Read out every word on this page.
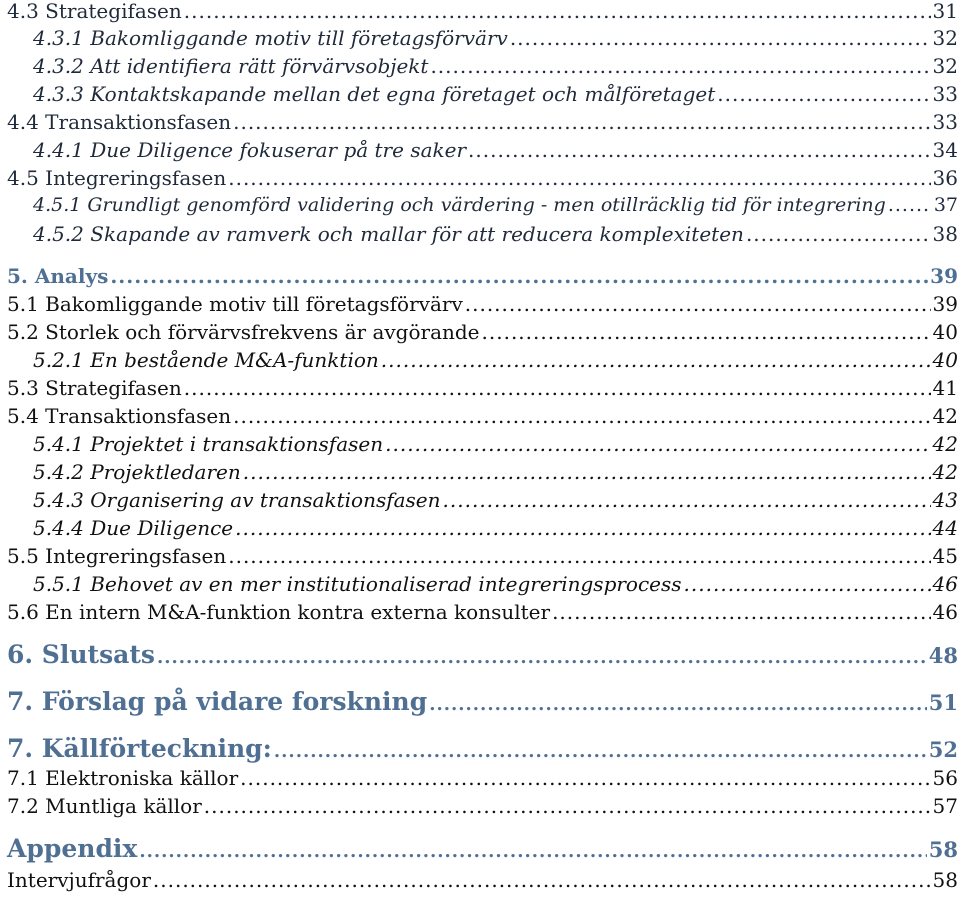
4.3 Strategifasen .....	31
4.3.1 Bakomliggande motiv till företagsförvärv .....	32
4.3.2 Att identifiera rätt förvärvsobjekt .....	32
4.3.3 Kontaktskapande mellan det egna företaget och målföretaget .....	33
4.4 Transaktionsfasen .....	33
4.4.1 Due Diligence fokuserar på tre saker .....	34
4.5 Integreringsfasen .....	36
4.5.1 Grundligt genomförd validering och värdering - men otillräcklig tid för integrering .....	37
4.5.2 Skapande av ramverk och mallar för att reducera komplexiteten .....	38
5. Analys .....	39
5.1 Bakomliggande motiv till företagsförvärv .....	39
5.2 Storlek och förvärvsfrekvens är avgörande .....	40
5.2.1 En bestående M&A-funktion .....	40
5.3 Strategifasen .....	41
5.4 Transaktionsfasen .....	42
5.4.1 Projektet i transaktionsfasen .....	42
5.4.2 Projektledaren .....	42
5.4.3 Organisering av transaktionsfasen .....	43
5.4.4 Due Diligence .....	44
5.5 Integreringsfasen .....	45
5.5.1 Behovet av en mer institutionaliserad integreringsprocess .....	46
5.6 En intern M&A-funktion kontra externa konsulter .....	46
6. Slutsats .....	48
7. Förslag på vidare forskning .....	51
7. Källförteckning: .....	52
7.1 Elektroniska källor .....	56
7.2 Muntliga källor .....	57
Appendix .....	58
Intervjufrågor .....	58
